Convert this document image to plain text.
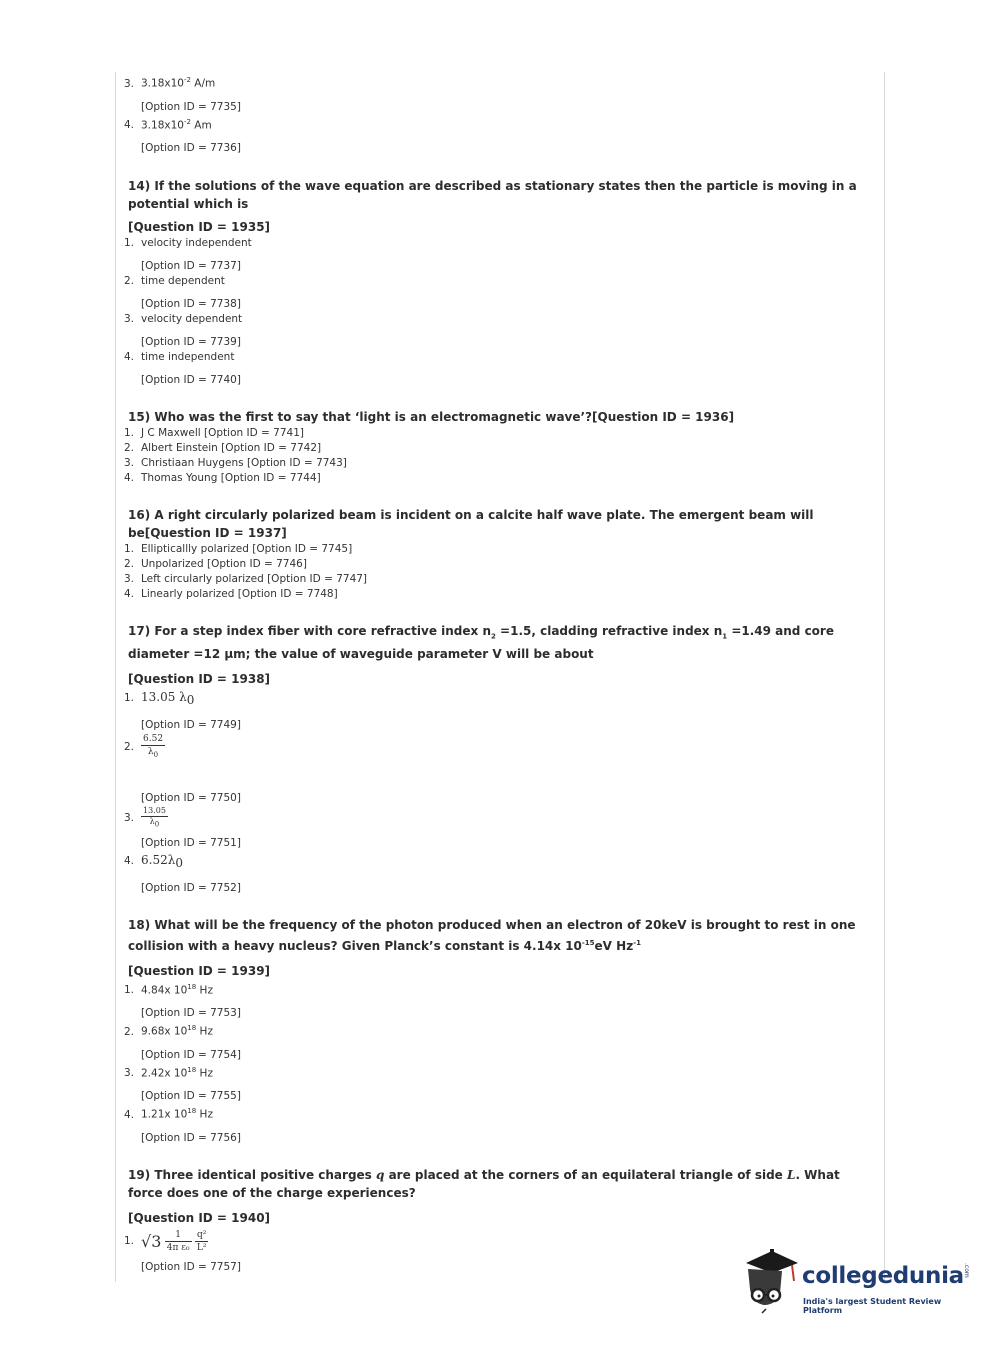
3. $3.18x10^{-2}$ A/m
[Option ID = 7735]
4. $3.18x10^{-2}$ Am
[Option ID = 7736]
14) If the solutions of the wave equation are described as stationary states then the particle is moving in a potential which is
[Question ID = 1935]
1. velocity independent
[Option ID = 7737]
2. time dependent
[Option ID = 7738]
3. velocity dependent
[Option ID = 7739]
4. time independent
[Option ID = 7740]
15) Who was the first to say that ‘light is an electromagnetic wave’?[Question ID = 1936]
1. J C Maxwell [Option ID = 7741]
2. Albert Einstein [Option ID = 7742]
3. Christiaan Huygens [Option ID = 7743]
4. Thomas Young [Option ID = 7744]
16) A right circularly polarized beam is incident on a calcite half wave plate. The emergent beam will be[Question ID = 1937]
1. Ellipticallly polarized [Option ID = 7745]
2. Unpolarized [Option ID = 7746]
3. Left circularly polarized [Option ID = 7747]
4. Linearly polarized [Option ID = 7748]
17) For a step index fiber with core refractive index $n_2 =1.5$, cladding refractive index $n_1 =1.49$ and core diameter =12 μm; the value of waveguide parameter V will be about
[Question ID = 1938]
1. 13.05 $\lambda_0$
[Option ID = 7749]
2. $\frac{6.52}{\lambda_0}$
[Option ID = 7750]
3. $\frac{13.05}{\lambda_0}$
[Option ID = 7751]
4. $6.52\lambda_0$
[Option ID = 7752]
18) What will be the frequency of the photon produced when an electron of 20keV is brought to rest in one collision with a heavy nucleus? Given Planck’s constant is 4.14x $10^{-15}eV$ $Hz^{-1}$
[Question ID = 1939]
1. 4.84x $10^{18}$ Hz
[Option ID = 7753]
2. 9.68x $10^{18}$ Hz
[Option ID = 7754]
3. 2.42x $10^{18}$ Hz
[Option ID = 7755]
4. 1.21x $10^{18}$ Hz
[Option ID = 7756]
19) Three identical positive charges q are placed at the corners of an equilateral triangle of side L. What force does one of the charge experiences?
[Question ID = 1940]
1. $√3 \frac{1}{\text{4π ε₀}}$
$\frac{\text{q²}}{\text{L²}}$
[Option ID = 7757]	collegedunia .com
India's largest Student Review Platform
